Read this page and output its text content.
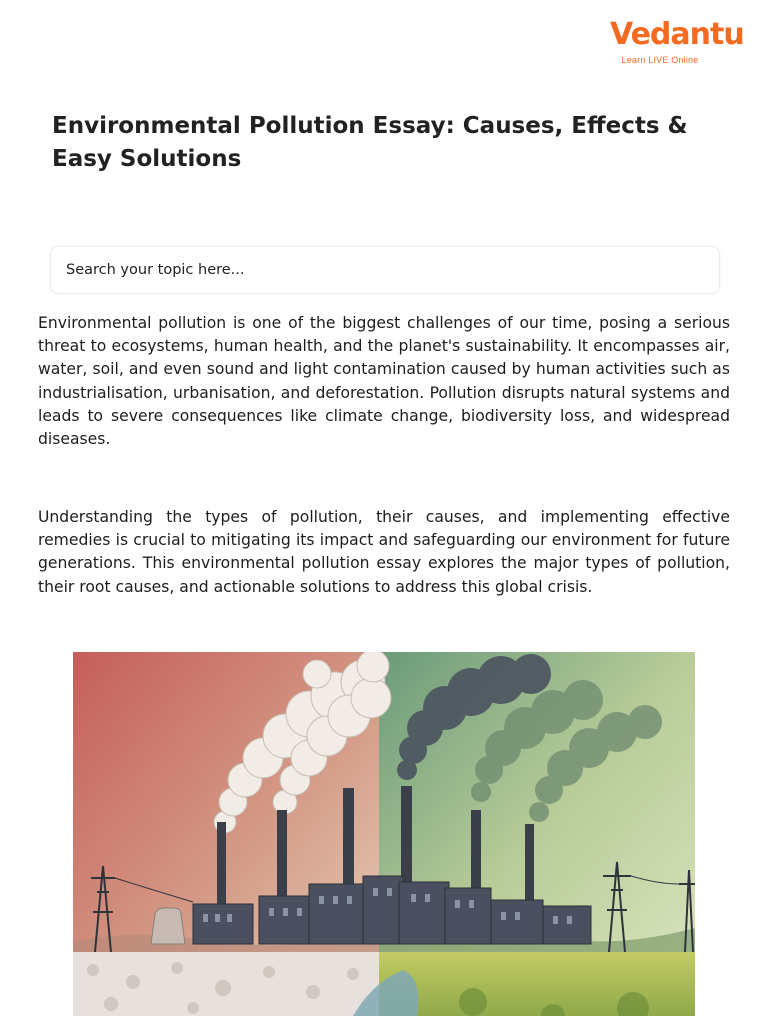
Vedantu
Learn LIVE Online
Environmental Pollution Essay: Causes, Effects & Easy Solutions
Search your topic here...

Environmental pollution is one of the biggest challenges of our time, posing a serious threat to ecosystems, human health, and the planet's sustainability. It encompasses air, water, soil, and even sound and light contamination caused by human activities such as industrialisation, urbanisation, and deforestation. Pollution disrupts natural systems and leads to severe consequences like climate change, biodiversity loss, and widespread diseases.

Understanding the types of pollution, their causes, and implementing effective remedies is crucial to mitigating its impact and safeguarding our environment for future generations. This environmental pollution essay explores the major types of pollution, their root causes, and actionable solutions to address this global crisis.
